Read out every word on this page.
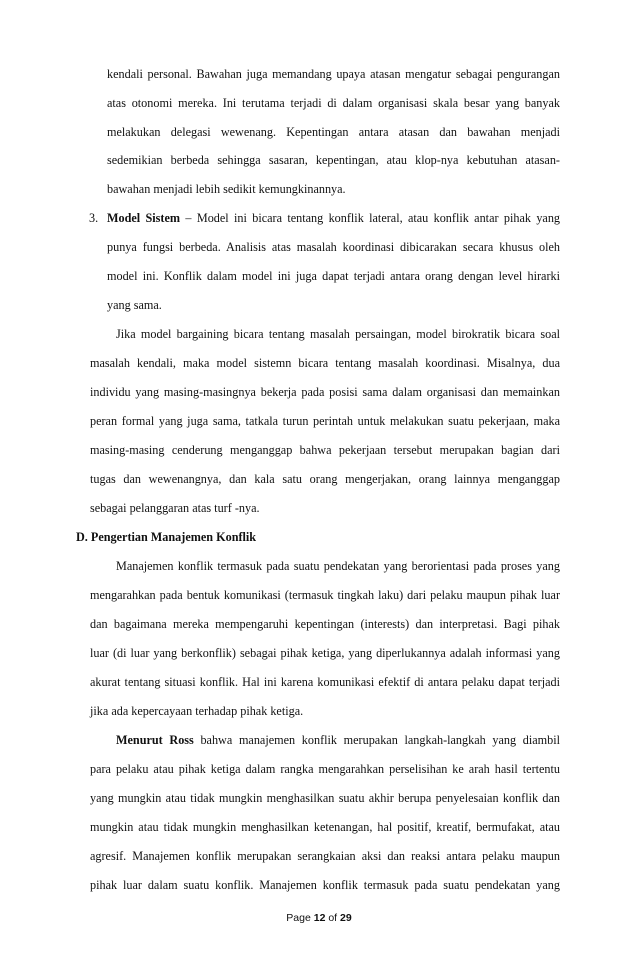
kendali personal. Bawahan juga memandang upaya atasan mengatur sebagai pengurangan
atas otonomi mereka. Ini terutama terjadi di dalam organisasi skala besar yang banyak
melakukan delegasi wewenang. Kepentingan antara atasan dan bawahan menjadi
sedemikian berbeda sehingga sasaran, kepentingan, atau klop-nya kebutuhan atasan-
bawahan menjadi lebih sedikit kemungkinannya.
3. Model Sistem – Model ini bicara tentang konflik lateral, atau konflik antar pihak yang
punya fungsi berbeda. Analisis atas masalah koordinasi dibicarakan secara khusus oleh
model ini. Konflik dalam model ini juga dapat terjadi antara orang dengan level hirarki
yang sama.
Jika model bargaining bicara tentang masalah persaingan, model birokratik bicara soal
masalah kendali, maka model sistemn bicara tentang masalah koordinasi. Misalnya, dua
individu yang masing-masingnya bekerja pada posisi sama dalam organisasi dan memainkan
peran formal yang juga sama, tatkala turun perintah untuk melakukan suatu pekerjaan, maka
masing-masing cenderung menganggap bahwa pekerjaan tersebut merupakan bagian dari
tugas dan wewenangnya, dan kala satu orang mengerjakan, orang lainnya menganggap
sebagai pelanggaran atas turf -nya.
D. Pengertian Manajemen Konflik
Manajemen konflik termasuk pada suatu pendekatan yang berorientasi pada proses yang
mengarahkan pada bentuk komunikasi (termasuk tingkah laku) dari pelaku maupun pihak luar
dan bagaimana mereka mempengaruhi kepentingan (interests) dan interpretasi. Bagi pihak
luar (di luar yang berkonflik) sebagai pihak ketiga, yang diperlukannya adalah informasi yang
akurat tentang situasi konflik. Hal ini karena komunikasi efektif di antara pelaku dapat terjadi
jika ada kepercayaan terhadap pihak ketiga.
Menurut Ross bahwa manajemen konflik merupakan langkah-langkah yang diambil
para pelaku atau pihak ketiga dalam rangka mengarahkan perselisihan ke arah hasil tertentu
yang mungkin atau tidak mungkin menghasilkan suatu akhir berupa penyelesaian konflik dan
mungkin atau tidak mungkin menghasilkan ketenangan, hal positif, kreatif, bermufakat, atau
agresif. Manajemen konflik merupakan serangkaian aksi dan reaksi antara pelaku maupun
pihak luar dalam suatu konflik. Manajemen konflik termasuk pada suatu pendekatan yang
Page 12 of 29
